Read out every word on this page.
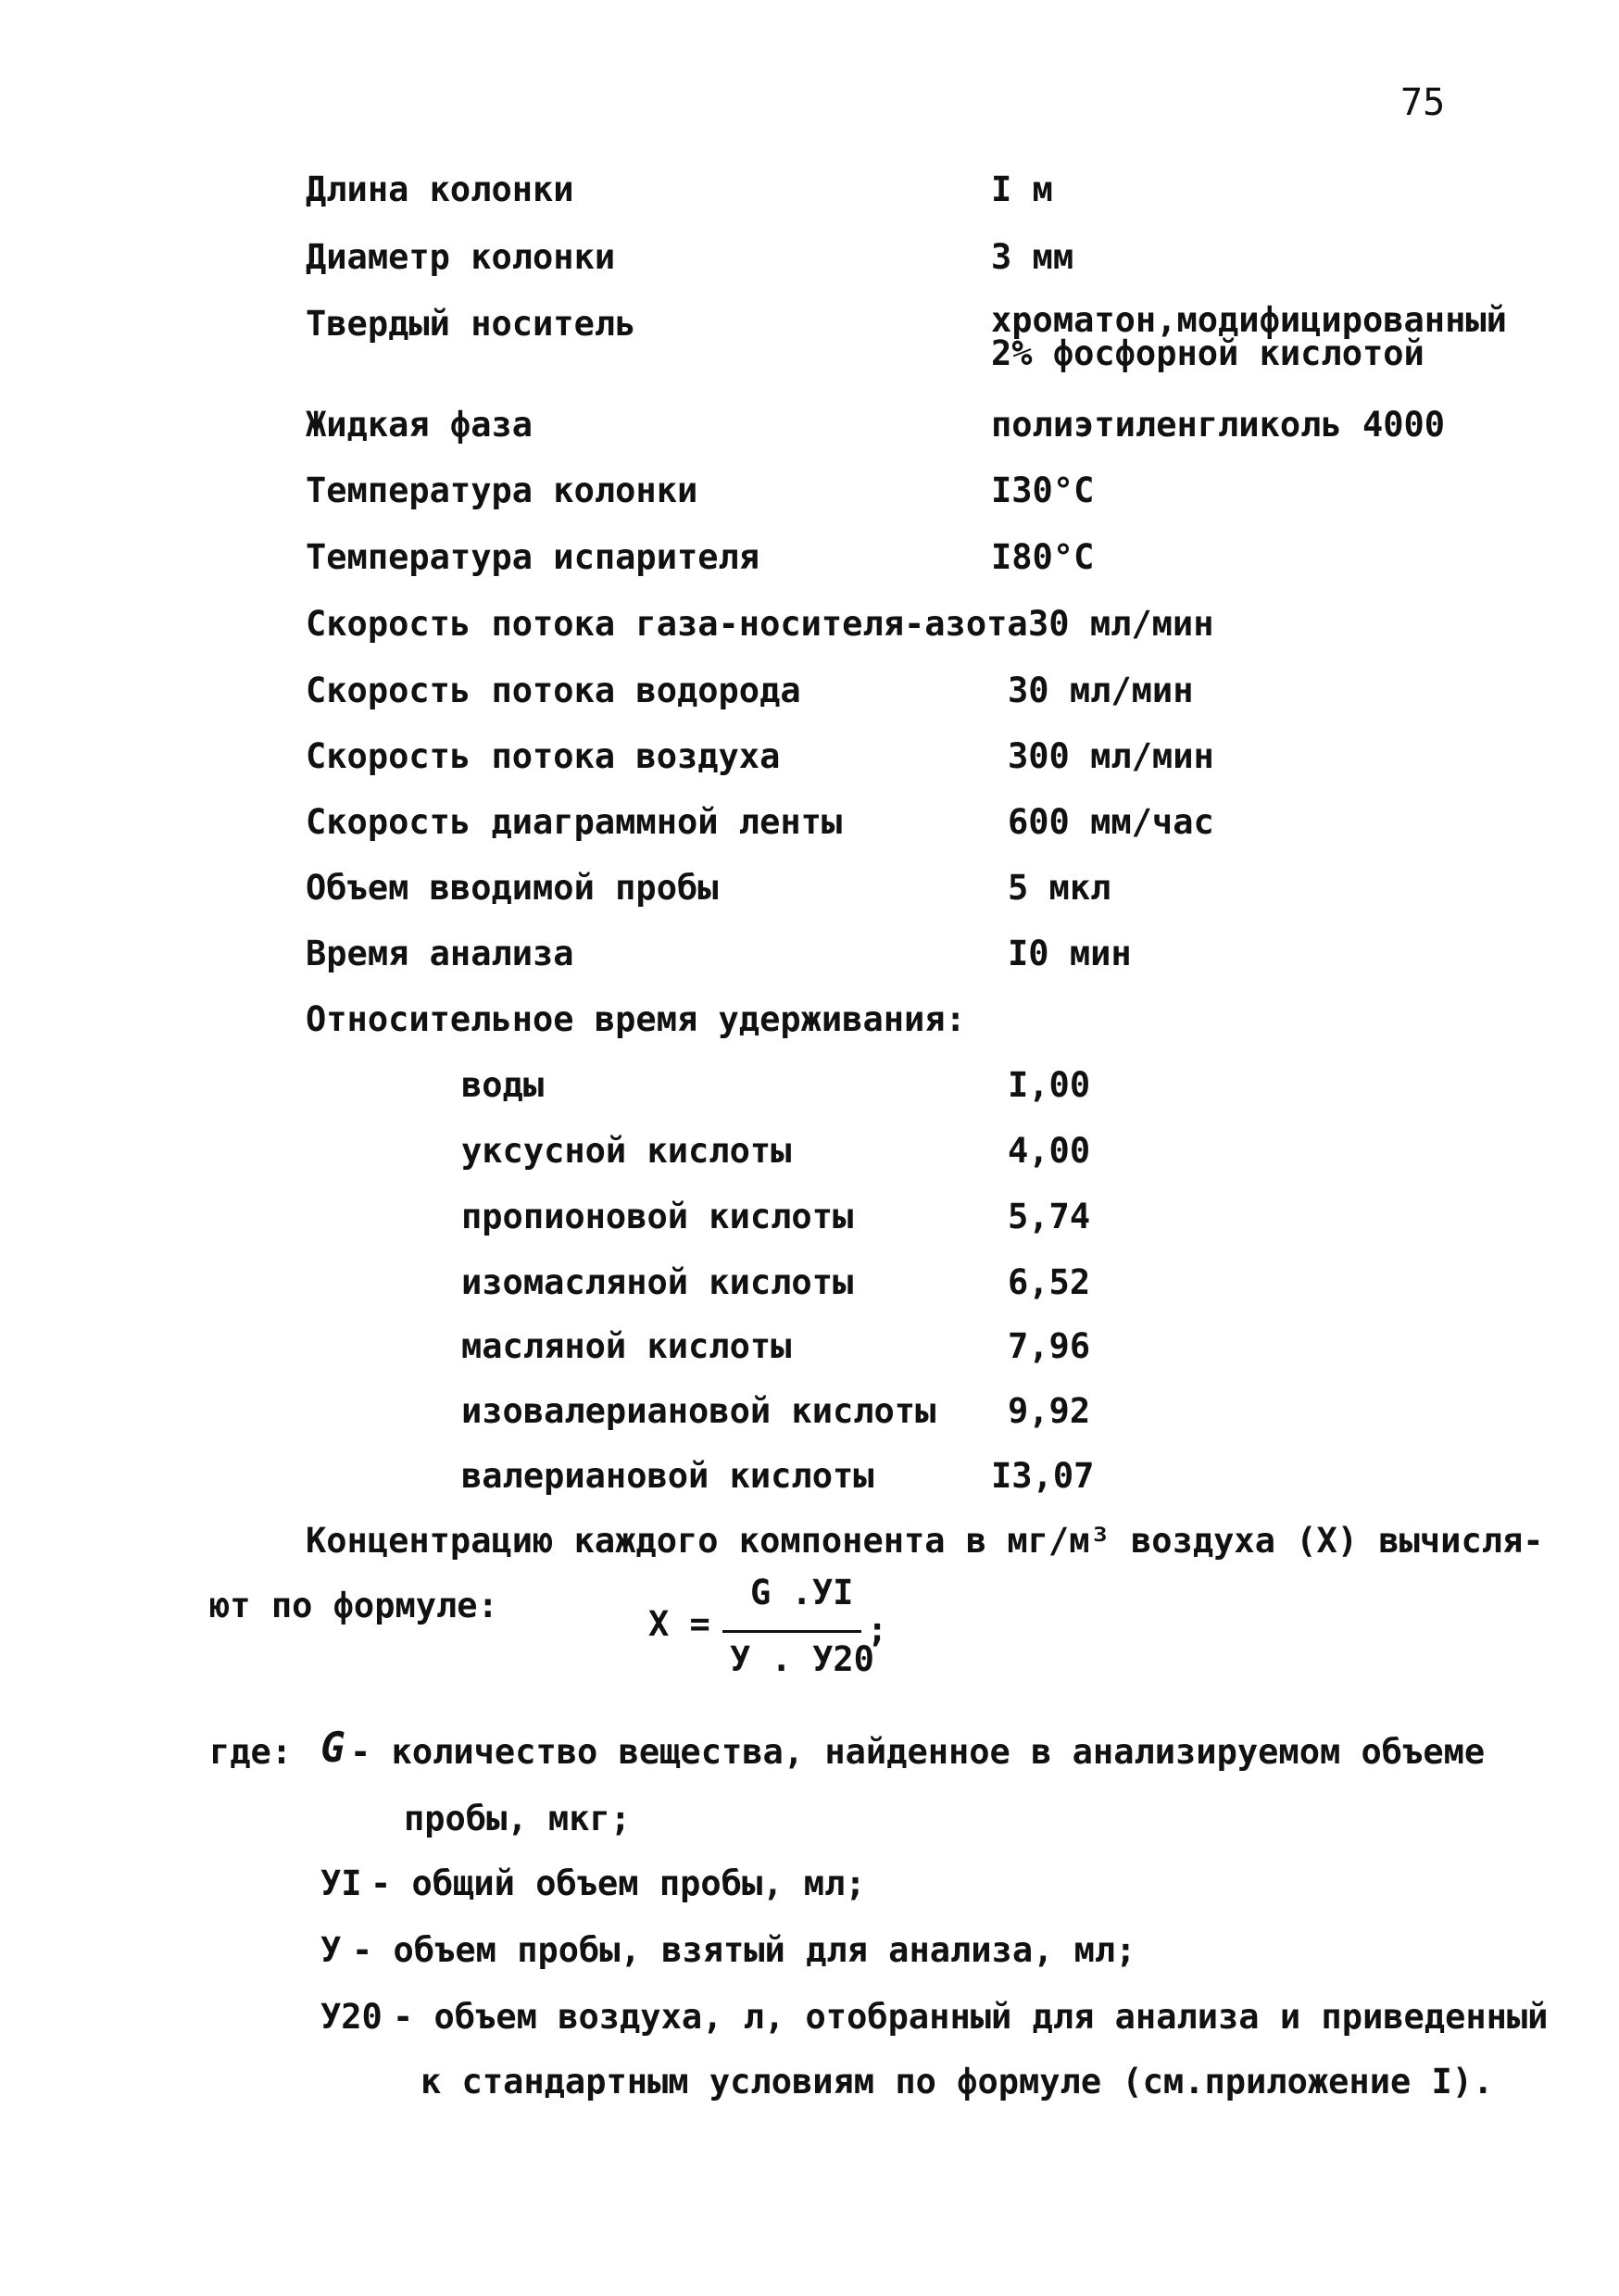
75
Длина колонки	I м
Диаметр колонки	3 мм
Твердый носитель	хроматон,модифицированный 2% фосфорной кислотой
Жидкая фаза	полиэтиленгликоль 4000
Температура колонки	I30°C
Температура испарителя	I80°C
Скорость потока газа-носителя-азота 30 мл/мин
Скорость потока водорода	30 мл/мин
Скорость потока воздуха	300 мл/мин
Скорость диаграммной ленты	600 мм/час
Объем вводимой пробы	5 мкл
Время анализа	I0 мин
Относительное время удерживания:
воды	I,00
уксусной кислоты	4,00
пропионовой кислоты	5,74
изомасляной кислоты	6,52
масляной кислоты	7,96
изовалериановой кислоты 9,92
валериановой кислоты	I3,07
Концентрацию каждого компонента в мг/м³ воздуха (X) вычисля-
ют по формуле:	X =
G .УI
У . У20
;
где: G - количество вещества, найденное в анализируемом объеме
пробы, мкг;
УI - общий объем пробы, мл;
У - объем пробы, взятый для анализа, мл;
У20 - объем воздуха, л, отобранный для анализа и приведенный
к стандартным условиям по формуле (см.приложение I).
